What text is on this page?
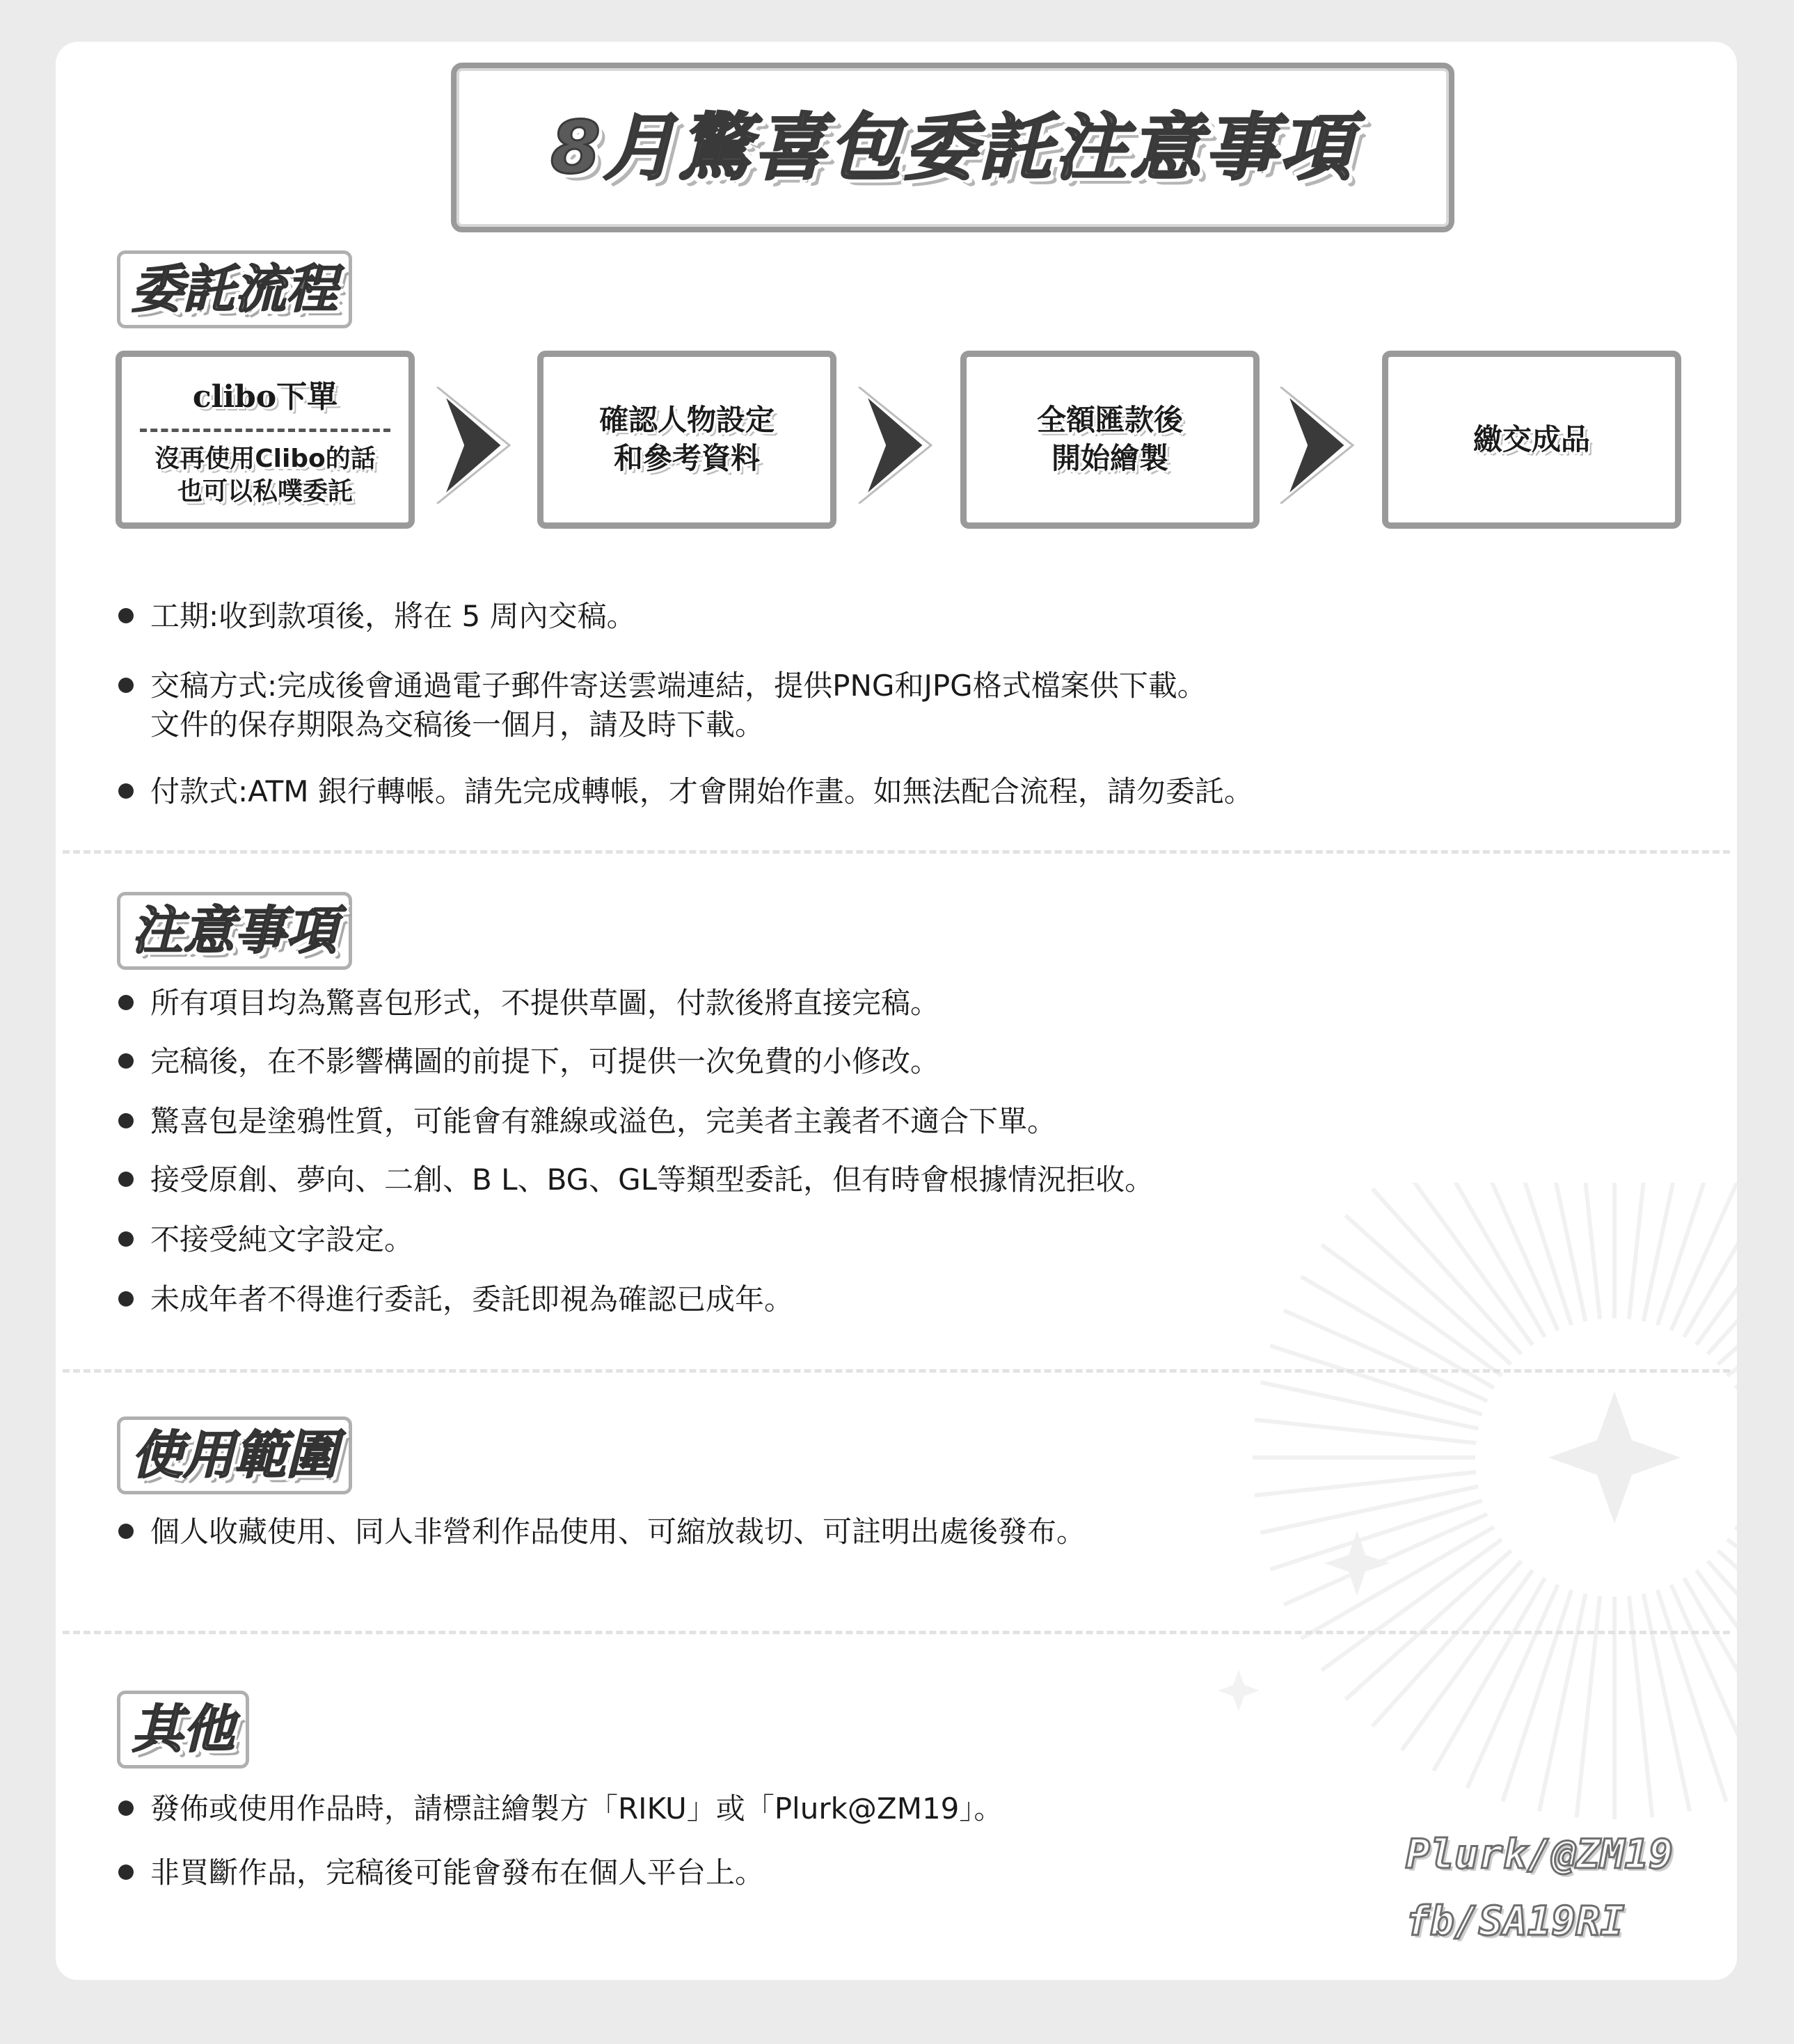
8月驚喜包委託注意事項
委託流程
clibo下單
沒再使用Clibo的話
也可以私噗委託
確認人物設定
和參考資料
全額匯款後
開始繪製
繳交成品
工期:收到款項後，將在 5 周內交稿。
交稿方式:完成後會通過電子郵件寄送雲端連結，提供PNG和JPG格式檔案供下載。
文件的保存期限為交稿後一個月，請及時下載。
付款式:ATM 銀行轉帳。請先完成轉帳，才會開始作畫。如無法配合流程，請勿委託。
注意事項
所有項目均為驚喜包形式，不提供草圖，付款後將直接完稿。
完稿後，在不影響構圖的前提下，可提供一次免費的小修改。
驚喜包是塗鴉性質，可能會有雜線或溢色，完美者主義者不適合下單。
接受原創、夢向、二創、B L、BG、GL等類型委託，但有時會根據情況拒收。
不接受純文字設定。
未成年者不得進行委託，委託即視為確認已成年。
使用範圍
個人收藏使用、同人非營利作品使用、可縮放裁切、可註明出處後發布。
其他
發佈或使用作品時，請標註繪製方「RIKU」或「Plurk@ZM19」。
非買斷作品，完稿後可能會發布在個人平台上。	Plurk/@ZM19
fb/SA19RI
